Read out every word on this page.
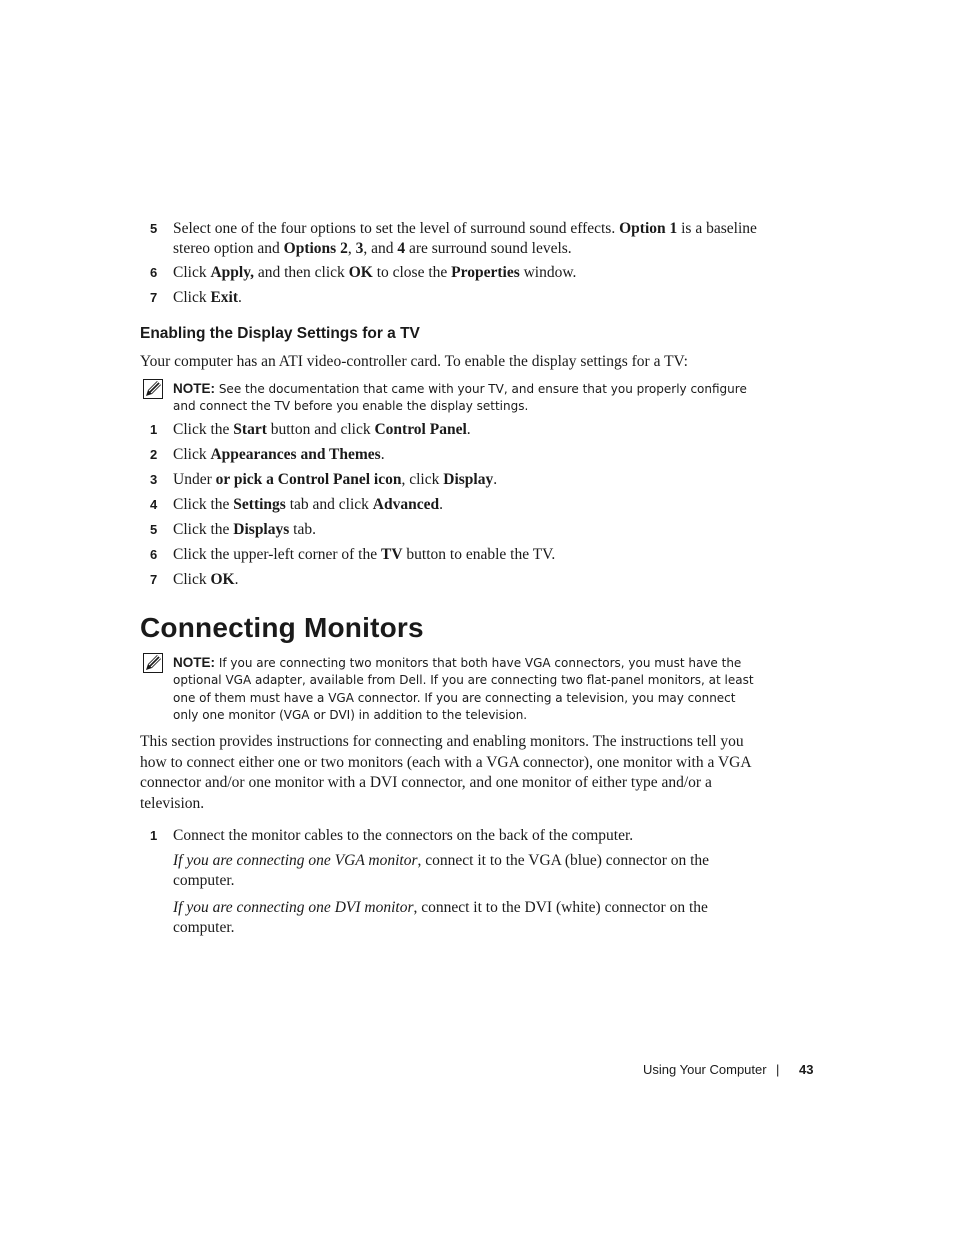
5	Select one of the four options to set the level of surround sound effects. Option 1 is a baseline stereo option and Options 2, 3, and 4 are surround sound levels.
6	Click Apply, and then click OK to close the Properties window.
7	Click Exit.
Enabling the Display Settings for a TV
Your computer has an ATI video-controller card. To enable the display settings for a TV:
NOTE: See the documentation that came with your TV, and ensure that you properly configure and connect the TV before you enable the display settings.
1	Click the Start button and click Control Panel.
2	Click Appearances and Themes.
3	Under or pick a Control Panel icon, click Display.
4	Click the Settings tab and click Advanced.
5	Click the Displays tab.
6	Click the upper-left corner of the TV button to enable the TV.
7	Click OK.
Connecting Monitors
NOTE: If you are connecting two monitors that both have VGA connectors, you must have the optional VGA adapter, available from Dell. If you are connecting two flat-panel monitors, at least one of them must have a VGA connector. If you are connecting a television, you may connect only one monitor (VGA or DVI) in addition to the television.
This section provides instructions for connecting and enabling monitors. The instructions tell you how to connect either one or two monitors (each with a VGA connector), one monitor with a VGA connector and/or one monitor with a DVI connector, and one monitor of either type and/or a television.
1	Connect the monitor cables to the connectors on the back of the computer.
If you are connecting one VGA monitor, connect it to the VGA (blue) connector on the computer.
If you are connecting one DVI monitor, connect it to the DVI (white) connector on the computer.
Using Your Computer | 43
